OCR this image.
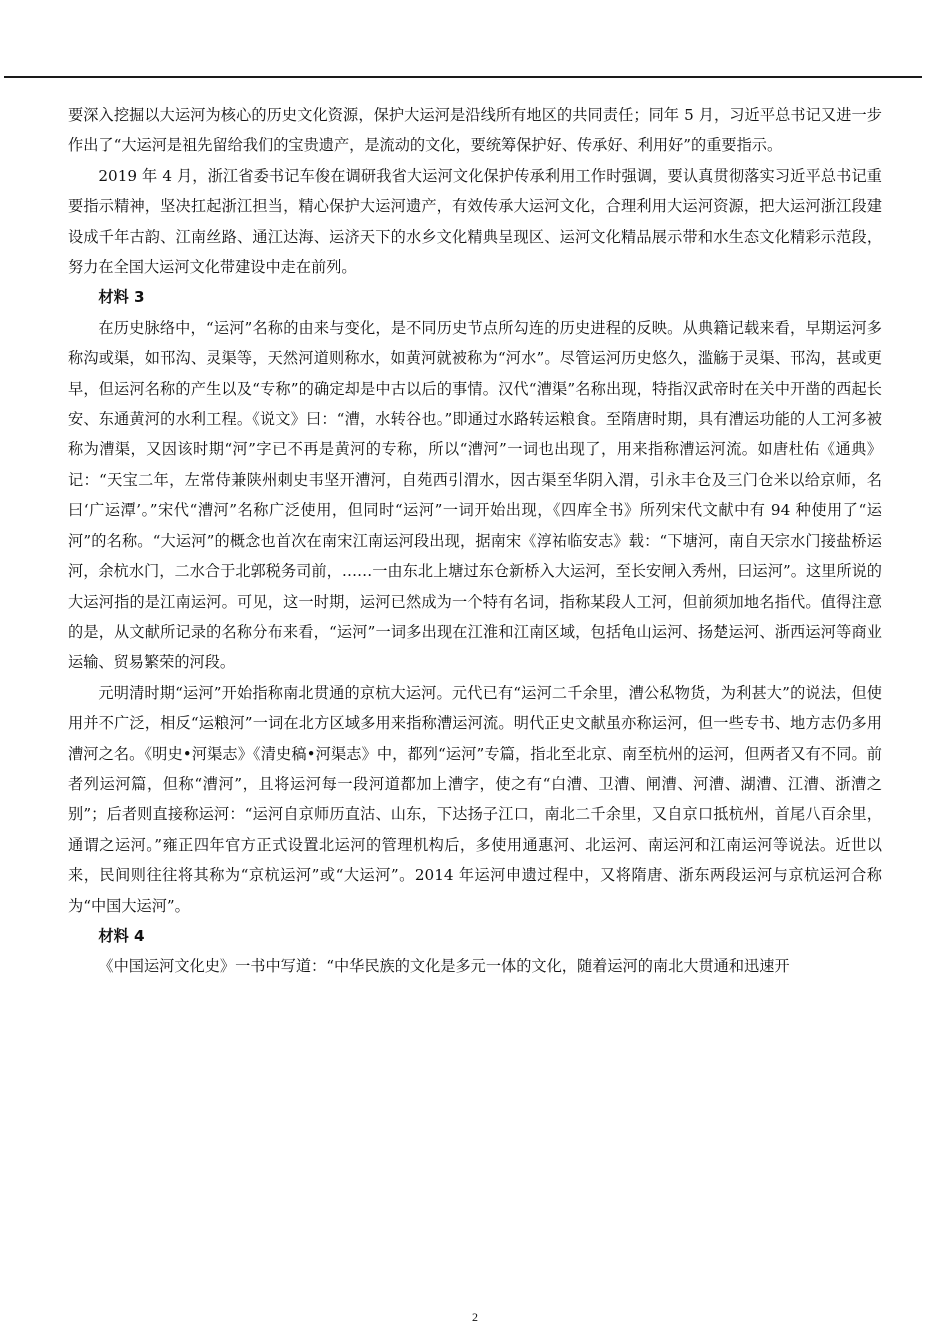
要深入挖掘以大运河为核心的历史文化资源，保护大运河是沿线所有地区的共同责任；同年 5 月，习近平总书记又进一步作出了“大运河是祖先留给我们的宝贵遗产，是流动的文化，要统筹保护好、传承好、利用好”的重要指示。

2019 年 4 月，浙江省委书记车俊在调研我省大运河文化保护传承利用工作时强调，要认真贯彻落实习近平总书记重要指示精神，坚决扛起浙江担当，精心保护大运河遗产，有效传承大运河文化，合理利用大运河资源，把大运河浙江段建设成千年古韵、江南丝路、通江达海、运济天下的水乡文化精典呈现区、运河文化精品展示带和水生态文化精彩示范段，努力在全国大运河文化带建设中走在前列。

材料 3

在历史脉络中，“运河”名称的由来与变化，是不同历史节点所勾连的历史进程的反映。从典籍记载来看，早期运河多称沟或渠，如邗沟、灵渠等，天然河道则称水，如黄河就被称为“河水”。尽管运河历史悠久，滥觞于灵渠、邗沟，甚或更早，但运河名称的产生以及“专称”的确定却是中古以后的事情。汉代“漕渠”名称出现，特指汉武帝时在关中开凿的西起长安、东通黄河的水利工程。《说文》曰：“漕，水转谷也。”即通过水路转运粮食。至隋唐时期，具有漕运功能的人工河多被称为漕渠，又因该时期“河”字已不再是黄河的专称，所以“漕河”一词也出现了，用来指称漕运河流。如唐杜佑《通典》记：“天宝二年，左常侍兼陕州刺史韦坚开漕河，自苑西引渭水，因古渠至华阴入渭，引永丰仓及三门仓米以给京师，名曰‘广运潭’。”宋代“漕河”名称广泛使用，但同时“运河”一词开始出现，《四库全书》所列宋代文献中有 94 种使用了“运河”的名称。“大运河”的概念也首次在南宋江南运河段出现，据南宋《淳祐临安志》载：“下塘河，南自天宗水门接盐桥运河，余杭水门，二水合于北郭税务司前，……一由东北上塘过东仓新桥入大运河，至长安闸入秀州，曰运河”。这里所说的大运河指的是江南运河。可见，这一时期，运河已然成为一个特有名词，指称某段人工河，但前须加地名指代。值得注意的是，从文献所记录的名称分布来看，“运河”一词多出现在江淮和江南区域，包括龟山运河、扬楚运河、浙西运河等商业运输、贸易繁荣的河段。

元明清时期“运河”开始指称南北贯通的京杭大运河。元代已有“运河二千余里，漕公私物货，为利甚大”的说法，但使用并不广泛，相反“运粮河”一词在北方区域多用来指称漕运河流。明代正史文献虽亦称运河，但一些专书、地方志仍多用漕河之名。《明史•河渠志》《清史稿•河渠志》中，都列“运河”专篇，指北至北京、南至杭州的运河，但两者又有不同。前者列运河篇，但称“漕河”，且将运河每一段河道都加上漕字，使之有“白漕、卫漕、闸漕、河漕、湖漕、江漕、浙漕之别”；后者则直接称运河：“运河自京师历直沽、山东，下达扬子江口，南北二千余里，又自京口抵杭州，首尾八百余里，通谓之运河。”雍正四年官方正式设置北运河的管理机构后，多使用通惠河、北运河、南运河和江南运河等说法。近世以来，民间则往往将其称为“京杭运河”或“大运河”。2014 年运河申遗过程中，又将隋唐、浙东两段运河与京杭运河合称为“中国大运河”。

材料 4

《中国运河文化史》一书中写道：“中华民族的文化是多元一体的文化，随着运河的南北大贯通和迅速开

2
